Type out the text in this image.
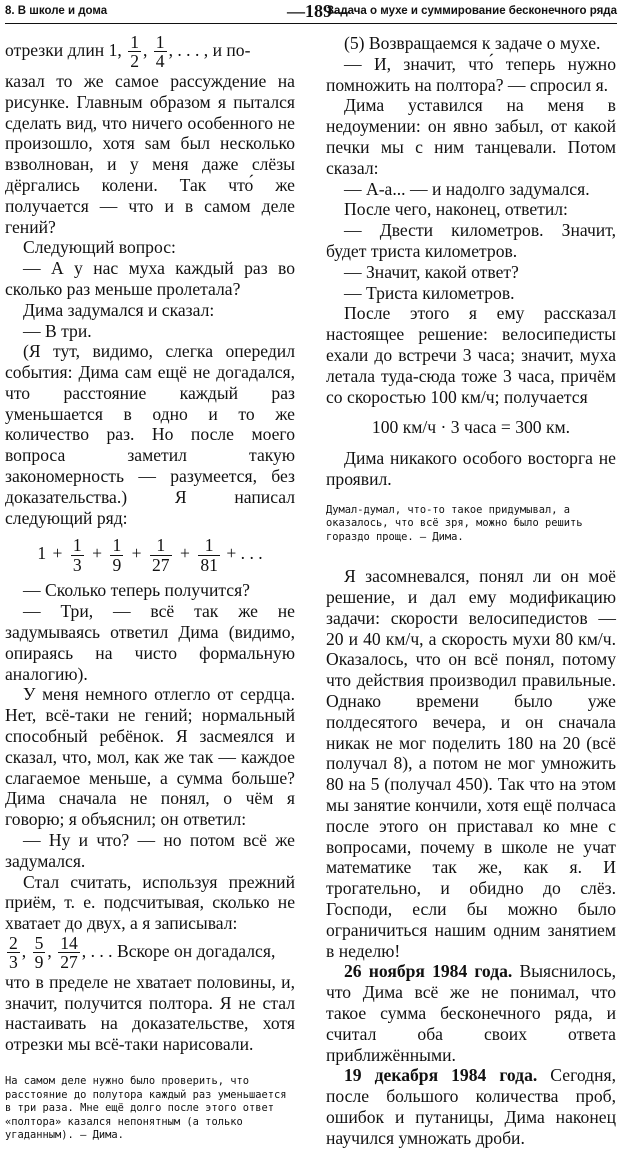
8. В школе и дома	—189—
Задача о мухе и суммирование бесконечного ряда
отрезки длин 1, $\frac{1}{2}$ , $\frac{1}{4}$ , . . . , и по-

казал то же самое рассуждение на рисунке. Главным образом я пытался сделать вид, что ничего особенного не произошло, хотя sам был несколько взволнован, и у меня даже слёзы дёргались колени. Так что́ же получается — что и в самом деле гений?

Следующий вопрос:

— А у нас муха каждый раз во сколько раз меньше пролетала?

Дима задумался и сказал:

— В три.

(Я тут, видимо, слегка опередил события: Дима сам ещё не догадался, что расстояние каждый раз уменьшается в одно и то же количество раз. Но после моего вопроса заметил такую закономерность — разумеется, без доказательства.) Я написал следующий ряд:

$1 + \frac{1}{3} + \frac{1}{9} + \frac{1}{27} + \frac{1}{81}$ + . . .

— Сколько теперь получится?

— Три, — всё так же не задумываясь ответил Дима (видимо, опираясь на чисто формальную аналогию).

У меня немного отлегло от сердца. Нет, всё-таки не гений; нормальный способный ребёнок. Я засмеялся и сказал, что, мол, как же так — каждое слагаемое меньше, а сумма больше? Дима сначала не понял, о чём я говорю; я объяснил; он ответил:

— Ну и что? — но потом всё же задумался.

Стал считать, используя прежний приём, т. е. подсчитывая, сколько не хватает до двух, а я записывал:

$\frac{2}{3}$ , $\frac{5}{9}$ , $\frac{14}{27}$ , . . . Вскоре он догадался,

что в пределе не хватает половины, и, значит, получится полтора. Я не стал настаивать на доказательстве, хотя отрезки мы всё-таки нарисовали.

На самом деле нужно было проверить, что расстояние до полутора каждый раз уменьшается в три раза. Мне ещё долго после этого ответ «полтора» казался непонятным (а только угаданным). — Дима.

(5) Возвращаемся к задаче о мухе.

— И, значит, что́ теперь нужно помножить на полтора? — спросил я.

Дима уставился на меня в недоумении: он явно забыл, от какой печки мы с ним танцевали. Потом сказал:

— А-а... — и надолго задумался.

После чего, наконец, ответил:

— Двести километров. Значит, будет триста километров.

— Значит, какой ответ?

— Триста километров.

После этого я ему рассказал настоящее решение: велосипедисты ехали до встречи 3 часа; значит, муха летала туда-сюда тоже 3 часа, причём со скоростью 100 км/ч; получается

100 км/ч · 3 часа = 300 км.

Дима никакого особого восторга не проявил.

Думал-думал, что-то такое придумывал, а оказалось, что всё зря, можно было решить гораздо проще. — Дима.

Я засомневался, понял ли он моё решение, и дал ему модификацию задачи: скорости велосипедистов — 20 и 40 км/ч, а скорость мухи 80 км/ч. Оказалось, что он всё понял, потому что действия производил правильные. Однако времени было уже полдесятого вечера, и он сначала никак не мог поделить 180 на 20 (всё получал 8), а потом не мог умножить 80 на 5 (получал 450). Так что на этом мы занятие кончили, хотя ещё полчаса после этого он приставал ко мне с вопросами, почему в школе не учат математике так же, как я. И трогательно, и обидно до слёз. Господи, если бы можно было ограничиться нашим одним занятием в неделю!

26 ноября 1984 года. Выяснилось, что Дима всё же не понимал, что такое сумма бесконечного ряда, и считал оба своих ответа приближёнными.

19 декабря 1984 года. Сегодня, после большого количества проб, ошибок и путаницы, Дима наконец научился умножать дроби.
